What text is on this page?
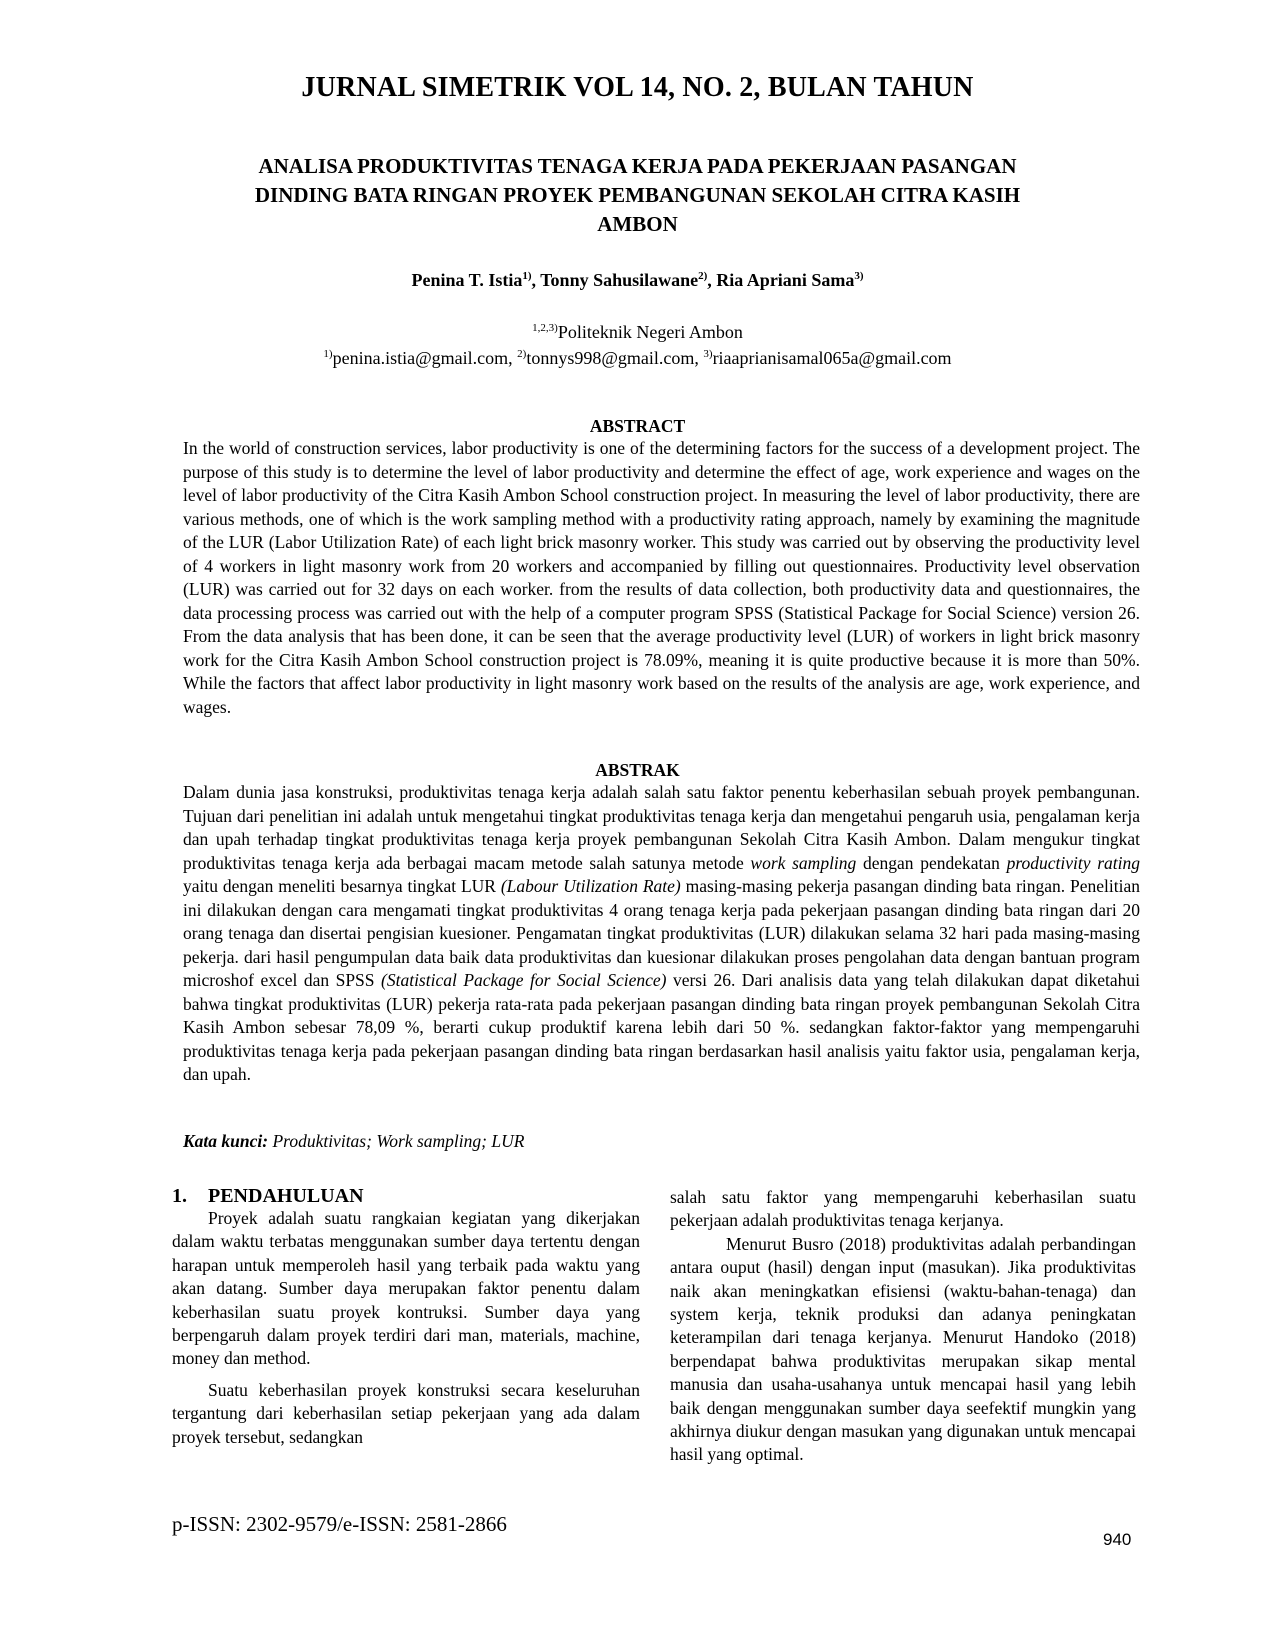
JURNAL SIMETRIK VOL 14, NO. 2, BULAN TAHUN
ANALISA PRODUKTIVITAS TENAGA KERJA PADA PEKERJAAN PASANGAN
DINDING BATA RINGAN PROYEK PEMBANGUNAN SEKOLAH CITRA KASIH
AMBON
Penina T. Istia$^{1)}$, Tonny Sahusilawane$^{2)}$, Ria Apriani Sama$^{3)}$
$^{1,2,3)}$Politeknik Negeri Ambon
$^{1)}$penina.istia@gmail.com, $^{2)}$tonnys998@gmail.com, $^{3)}$riaaprianisamal065a@gmail.com
ABSTRACT
In the world of construction services, labor productivity is one of the determining factors for the success of a development project. The purpose of this study is to determine the level of labor productivity and determine the effect of age, work experience and wages on the level of labor productivity of the Citra Kasih Ambon School construction project. In measuring the level of labor productivity, there are various methods, one of which is the work sampling method with a productivity rating approach, namely by examining the magnitude of the LUR (Labor Utilization Rate) of each light brick masonry worker. This study was carried out by observing the productivity level of 4 workers in light masonry work from 20 workers and accompanied by filling out questionnaires. Productivity level observation (LUR) was carried out for 32 days on each worker. from the results of data collection, both productivity data and questionnaires, the data processing process was carried out with the help of a computer program SPSS (Statistical Package for Social Science) version 26. From the data analysis that has been done, it can be seen that the average productivity level (LUR) of workers in light brick masonry work for the Citra Kasih Ambon School construction project is 78.09%, meaning it is quite productive because it is more than 50%. While the factors that affect labor productivity in light masonry work based on the results of the analysis are age, work experience, and wages.
ABSTRAK
Dalam dunia jasa konstruksi, produktivitas tenaga kerja adalah salah satu faktor penentu keberhasilan sebuah proyek pembangunan. Tujuan dari penelitian ini adalah untuk mengetahui tingkat produktivitas tenaga kerja dan mengetahui pengaruh usia, pengalaman kerja dan upah terhadap tingkat produktivitas tenaga kerja proyek pembangunan Sekolah Citra Kasih Ambon. Dalam mengukur tingkat produktivitas tenaga kerja ada berbagai macam metode salah satunya metode work sampling dengan pendekatan productivity rating yaitu dengan meneliti besarnya tingkat LUR (Labour Utilization Rate) masing-masing pekerja pasangan dinding bata ringan. Penelitian ini dilakukan dengan cara mengamati tingkat produktivitas 4 orang tenaga kerja pada pekerjaan pasangan dinding bata ringan dari 20 orang tenaga dan disertai pengisian kuesioner. Pengamatan tingkat produktivitas (LUR) dilakukan selama 32 hari pada masing-masing pekerja. dari hasil pengumpulan data baik data produktivitas dan kuesionar dilakukan proses pengolahan data dengan bantuan program microshof excel dan SPSS (Statistical Package for Social Science) versi 26. Dari analisis data yang telah dilakukan dapat diketahui bahwa tingkat produktivitas (LUR) pekerja rata-rata pada pekerjaan pasangan dinding bata ringan proyek pembangunan Sekolah Citra Kasih Ambon sebesar 78,09 %, berarti cukup produktif karena lebih dari 50 %. sedangkan faktor-faktor yang mempengaruhi produktivitas tenaga kerja pada pekerjaan pasangan dinding bata ringan berdasarkan hasil analisis yaitu faktor usia, pengalaman kerja, dan upah.
Kata kunci: Produktivitas; Work sampling; LUR
1. PENDAHULUAN

Proyek adalah suatu rangkaian kegiatan yang dikerjakan dalam waktu terbatas menggunakan sumber daya tertentu dengan harapan untuk memperoleh hasil yang terbaik pada waktu yang akan datang. Sumber daya merupakan faktor penentu dalam keberhasilan suatu proyek kontruksi. Sumber daya yang berpengaruh dalam proyek terdiri dari man, materials, machine, money dan method.

Suatu keberhasilan proyek konstruksi secara keseluruhan tergantung dari keberhasilan setiap pekerjaan yang ada dalam proyek tersebut, sedangkan

salah satu faktor yang mempengaruhi keberhasilan suatu pekerjaan adalah produktivitas tenaga kerjanya.

Menurut Busro (2018) produktivitas adalah perbandingan antara ouput (hasil) dengan input (masukan). Jika produktivitas naik akan meningkatkan efisiensi (waktu-bahan-tenaga) dan system kerja, teknik produksi dan adanya peningkatan keterampilan dari tenaga kerjanya. Menurut Handoko (2018) berpendapat bahwa produktivitas merupakan sikap mental manusia dan usaha-usahanya untuk mencapai hasil yang lebih baik dengan menggunakan sumber daya seefektif mungkin yang akhirnya diukur dengan masukan yang digunakan untuk mencapai hasil yang optimal.

p-ISSN: 2302-9579/e-ISSN: 2581-2866
940
